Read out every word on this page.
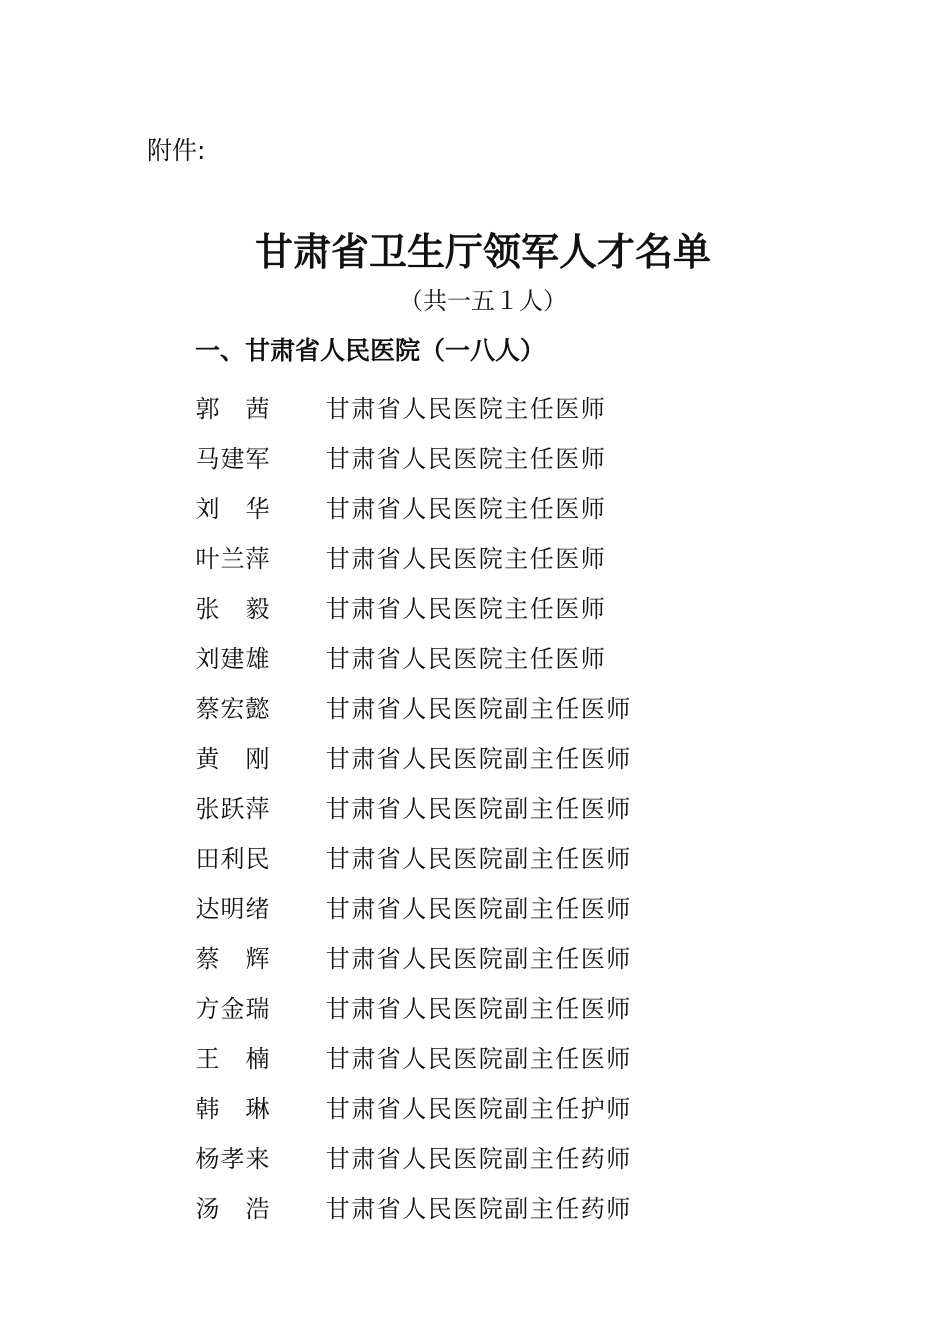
附件:

甘肃省卫生厅领军人才名单

（共一五１人）

一、甘肃省人民医院（一八人）
郭　 茜	甘肃省人民医院主任医师
马建军	甘肃省人民医院主任医师
刘　 华	甘肃省人民医院主任医师
叶兰萍	甘肃省人民医院主任医师
张　 毅	甘肃省人民医院主任医师
刘建雄	甘肃省人民医院主任医师
蔡宏懿	甘肃省人民医院副主任医师
黄　 刚	甘肃省人民医院副主任医师
张跃萍	甘肃省人民医院副主任医师
田利民	甘肃省人民医院副主任医师
达明绪	甘肃省人民医院副主任医师
蔡　 辉	甘肃省人民医院副主任医师
方金瑞	甘肃省人民医院副主任医师
王　 楠	甘肃省人民医院副主任医师
韩　 琳	甘肃省人民医院副主任护师
杨孝来	甘肃省人民医院副主任药师
汤　 浩	甘肃省人民医院副主任药师
